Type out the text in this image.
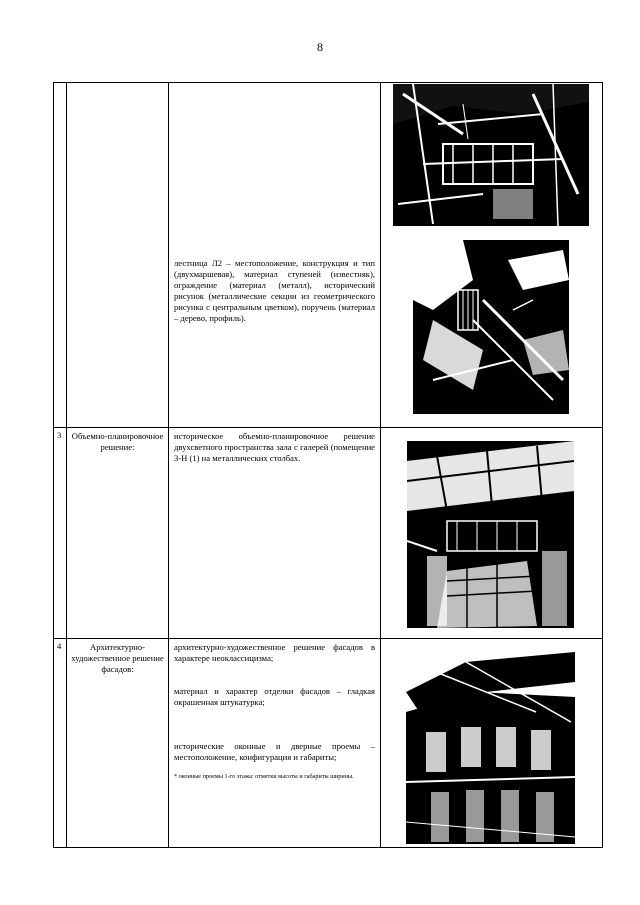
8

		лестница Л2 – местоположение, конструкция и тип (двухмаршевая), материал ступеней (известняк), ограждение (материал (металл), исторический рисунок (металлические секции из геометрического рисунка с центральным цветком), поручень (материал – дерево, профиль).

3	Объемно-планировочное решение:	историческое объемно-планировочное решение двухсветного пространства зала с галерей (помещение 3-Н (1) на металлических столбах.

4	Архитектурно-художественное решение фасадов:	архитектурно-художественное решение фасадов в характере неоклассицизма;

материал и характер отделки фасадов – гладкая окрашенная штукатурка;

исторические оконные и дверные проемы – местоположение, конфигурация и габариты;

* оконные проемы 1-го этажа: отметки высоты и габариты ширины.
